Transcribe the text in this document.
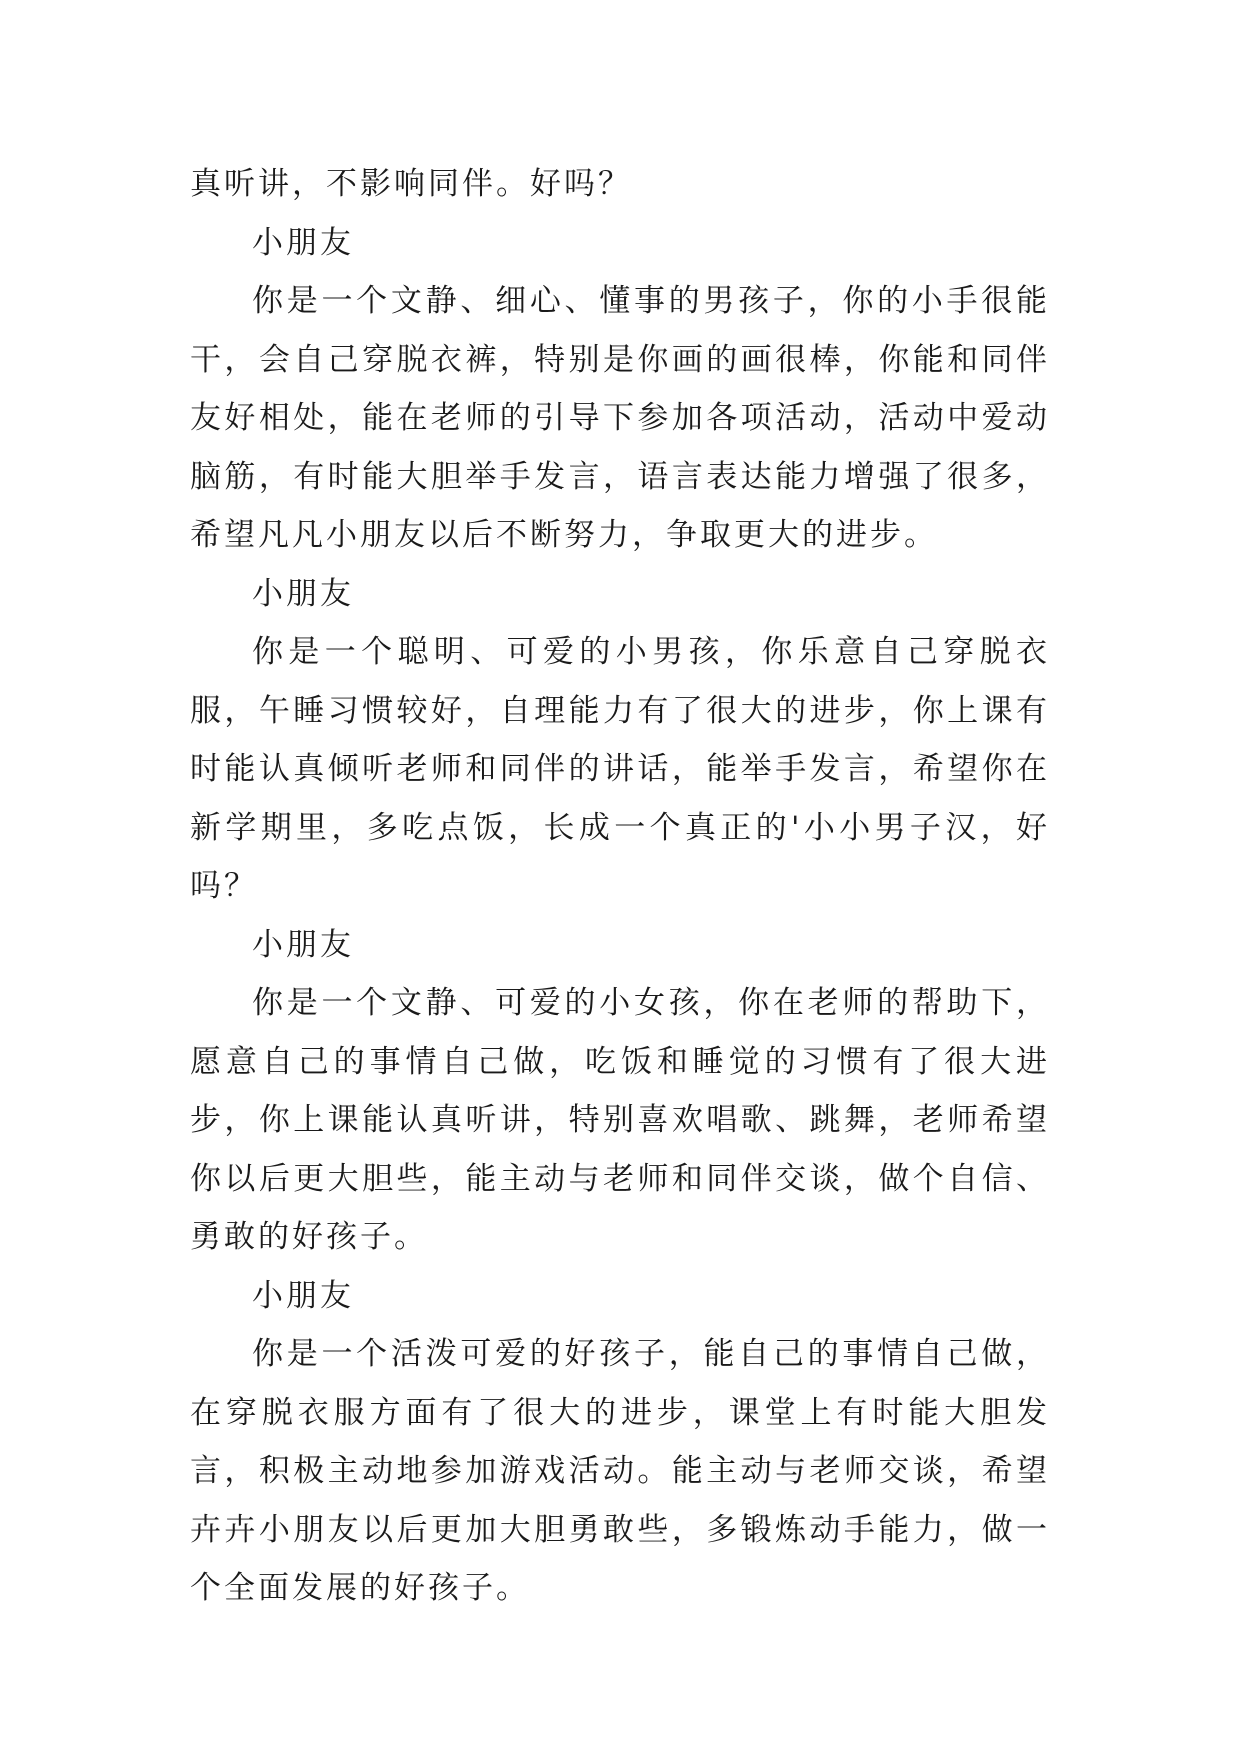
真听讲，不影响同伴。好吗？

小朋友

你是一个文静、细心、懂事的男孩子，你的小手很能干，会自己穿脱衣裤，特别是你画的画很棒，你能和同伴友好相处，能在老师的引导下参加各项活动，活动中爱动脑筋，有时能大胆举手发言，语言表达能力增强了很多，希望凡凡小朋友以后不断努力，争取更大的进步。

小朋友

你是一个聪明、可爱的小男孩，你乐意自己穿脱衣服，午睡习惯较好，自理能力有了很大的进步，你上课有时能认真倾听老师和同伴的讲话，能举手发言，希望你在新学期里，多吃点饭，长成一个真正的'小小男子汉，好吗？

小朋友

你是一个文静、可爱的小女孩，你在老师的帮助下，愿意自己的事情自己做，吃饭和睡觉的习惯有了很大进步，你上课能认真听讲，特别喜欢唱歌、跳舞，老师希望你以后更大胆些，能主动与老师和同伴交谈，做个自信、勇敢的好孩子。

小朋友

你是一个活泼可爱的好孩子，能自己的事情自己做，在穿脱衣服方面有了很大的进步，课堂上有时能大胆发言，积极主动地参加游戏活动。能主动与老师交谈，希望卉卉小朋友以后更加大胆勇敢些，多锻炼动手能力，做一个全面发展的好孩子。
